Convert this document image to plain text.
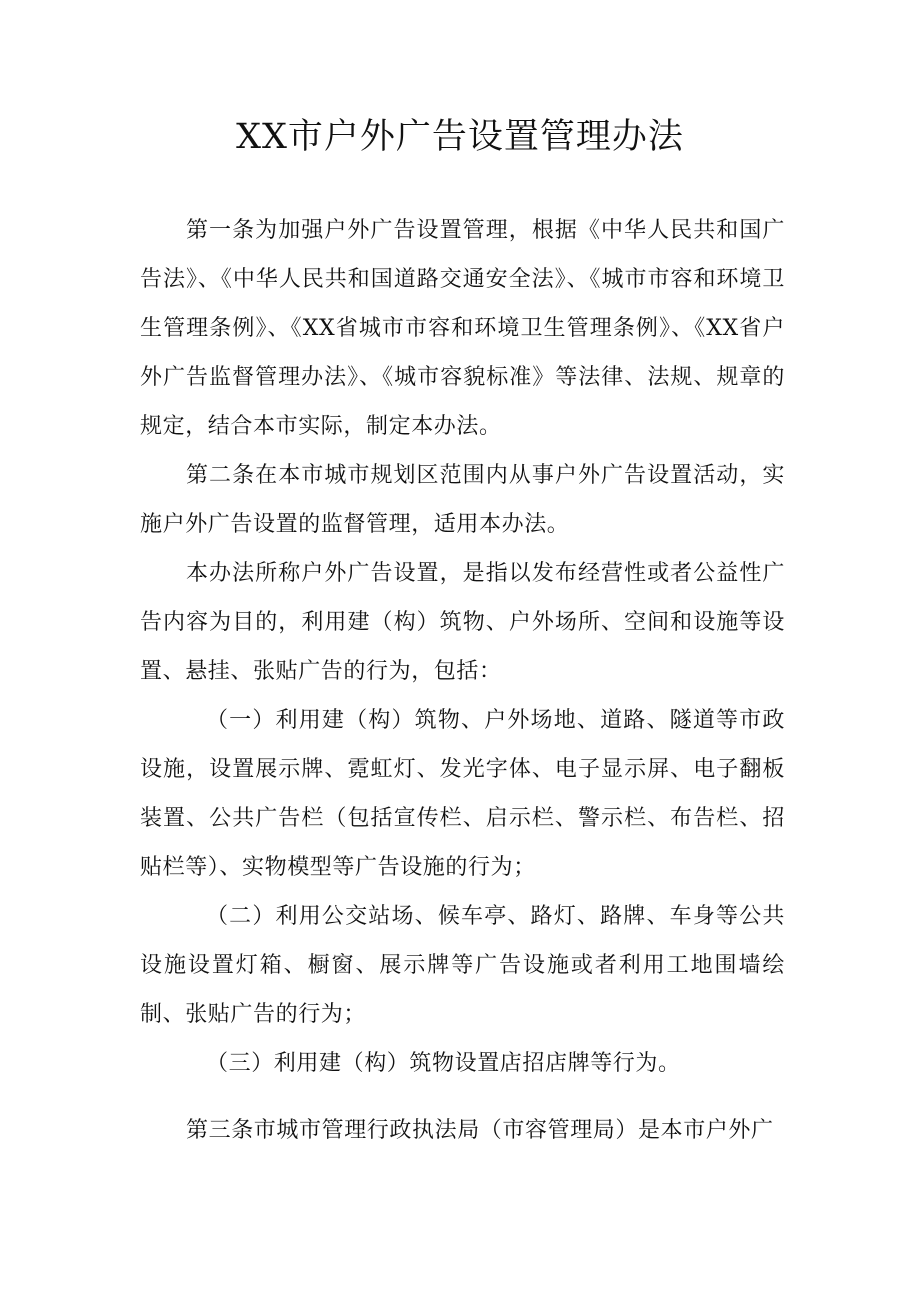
XX市户外广告设置管理办法

第一条为加强户外广告设置管理，根据《中华人民共和国广告法》、《中华人民共和国道路交通安全法》、《城市市容和环境卫生管理条例》、《XX省城市市容和环境卫生管理条例》、《XX省户外广告监督管理办法》、《城市容貌标准》等法律、法规、规章的规定，结合本市实际，制定本办法。

第二条在本市城市规划区范围内从事户外广告设置活动，实施户外广告设置的监督管理，适用本办法。

本办法所称户外广告设置，是指以发布经营性或者公益性广告内容为目的，利用建（构）筑物、户外场所、空间和设施等设置、悬挂、张贴广告的行为，包括：

（一）利用建（构）筑物、户外场地、道路、隧道等市政设施，设置展示牌、霓虹灯、发光字体、电子显示屏、电子翻板装置、公共广告栏（包括宣传栏、启示栏、警示栏、布告栏、招贴栏等）、实物模型等广告设施的行为；

（二）利用公交站场、候车亭、路灯、路牌、车身等公共设施设置灯箱、橱窗、展示牌等广告设施或者利用工地围墙绘制、张贴广告的行为；

（三）利用建（构）筑物设置店招店牌等行为。

第三条市城市管理行政执法局（市容管理局）是本市户外广
